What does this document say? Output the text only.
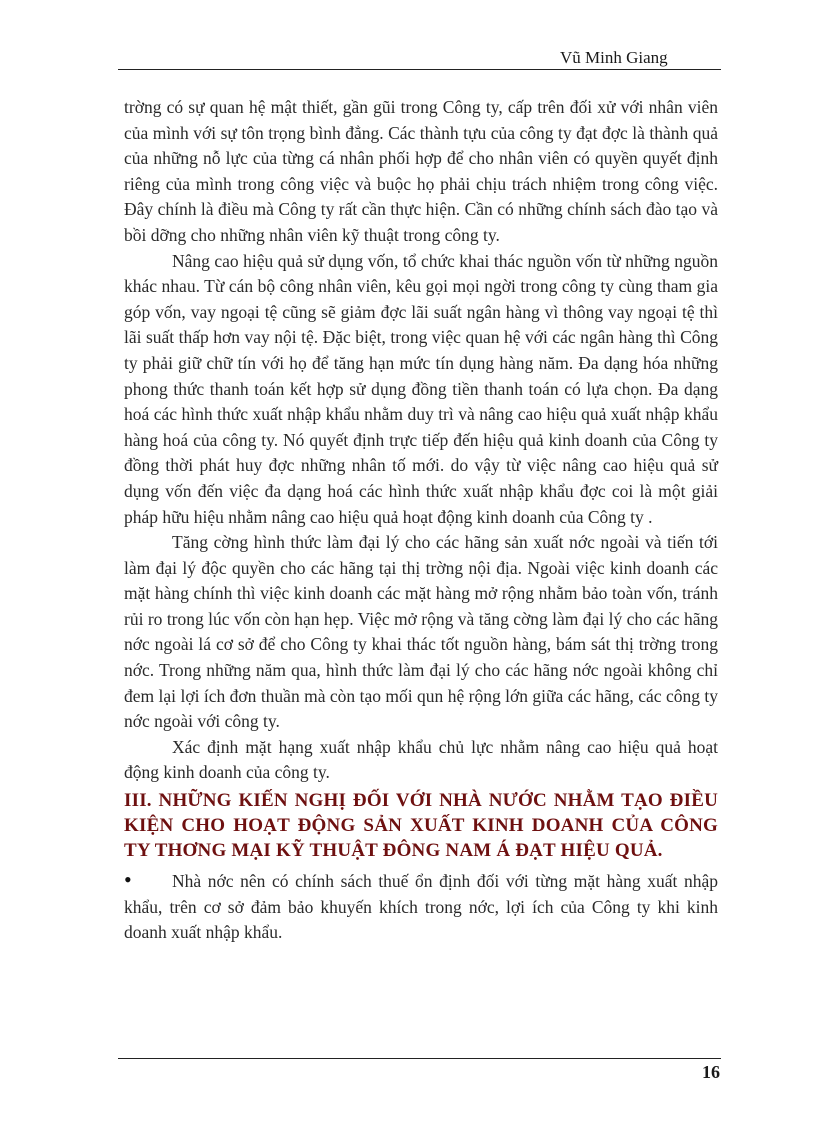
Vũ Minh Giang

trờng có sự quan hệ mật thiết, gần gũi trong Công ty, cấp trên đối xử với nhân viên của mình với sự tôn trọng bình đẳng. Các thành tựu của công ty đạt đợc là thành quả của những nỗ lực của từng cá nhân phối hợp để cho nhân viên có quyền quyết định riêng của mình trong công việc và buộc họ phải chịu trách nhiệm trong công việc. Đây chính là điều mà Công ty rất cần thực hiện. Cần có những chính sách đào tạo và bồi dỡng cho những nhân viên kỹ thuật trong công ty.

Nâng cao hiệu quả sử dụng vốn, tổ chức khai thác nguồn vốn từ những nguồn khác nhau. Từ cán bộ công nhân viên, kêu gọi mọi ngời trong công ty cùng tham gia góp vốn, vay ngoại tệ cũng sẽ giảm đợc lãi suất ngân hàng vì thông vay ngoại tệ thì lãi suất thấp hơn vay nội tệ. Đặc biệt, trong việc quan hệ với các ngân hàng thì Công ty phải giữ chữ tín với họ để tăng hạn mức tín dụng hàng năm. Đa dạng hóa những phong thức thanh toán kết hợp sử dụng đồng tiền thanh toán có lựa chọn. Đa dạng hoá các hình thức xuất nhập khẩu nhằm duy trì và nâng cao hiệu quả xuất nhập khẩu hàng hoá của công ty. Nó quyết định trực tiếp đến hiệu quả kinh doanh của Công ty đồng thời phát huy đợc những nhân tố mới. do vậy từ việc nâng cao hiệu quả sử dụng vốn đến việc đa dạng hoá các hình thức xuất nhập khẩu đợc coi là một giải pháp hữu hiệu nhằm nâng cao hiệu quả hoạt động kinh doanh của Công ty .

Tăng cờng hình thức làm đại lý cho các hãng sản xuất nớc ngoài và tiến tới làm đại lý độc quyền cho các hãng tại thị trờng nội địa. Ngoài việc kinh doanh các mặt hàng chính thì việc kinh doanh các mặt hàng mở rộng nhằm bảo toàn vốn, tránh rủi ro trong lúc vốn còn hạn hẹp. Việc mở rộng và tăng cờng làm đại lý cho các hãng nớc ngoài lá cơ sở để cho Công ty khai thác tốt nguồn hàng, bám sát thị trờng trong nớc. Trong những năm qua, hình thức làm đại lý cho các hãng nớc ngoài không chỉ đem lại lợi ích đơn thuần mà còn tạo mối qun hệ rộng lớn giữa các hãng, các công ty nớc ngoài với công ty.

Xác định mặt hạng xuất nhập khẩu chủ lực nhằm nâng cao hiệu quả hoạt động kinh doanh của công ty.

III. NHỮNG KIẾN NGHỊ ĐỐI VỚI NHÀ NƯỚC NHẰM TẠO ĐIỀU KIỆN CHO HOẠT ĐỘNG SẢN XUẤT KINH DOANH CỦA CÔNG TY THƠNG MẠI KỸ THUẬT ĐÔNG NAM Á ĐẠT HIỆU QUẢ.

•	Nhà nớc nên có chính sách thuế ổn định đối với từng mặt hàng xuất nhập khẩu, trên cơ sở đảm bảo khuyến khích trong nớc, lợi ích của Công ty khi kinh doanh xuất nhập khẩu.

16
